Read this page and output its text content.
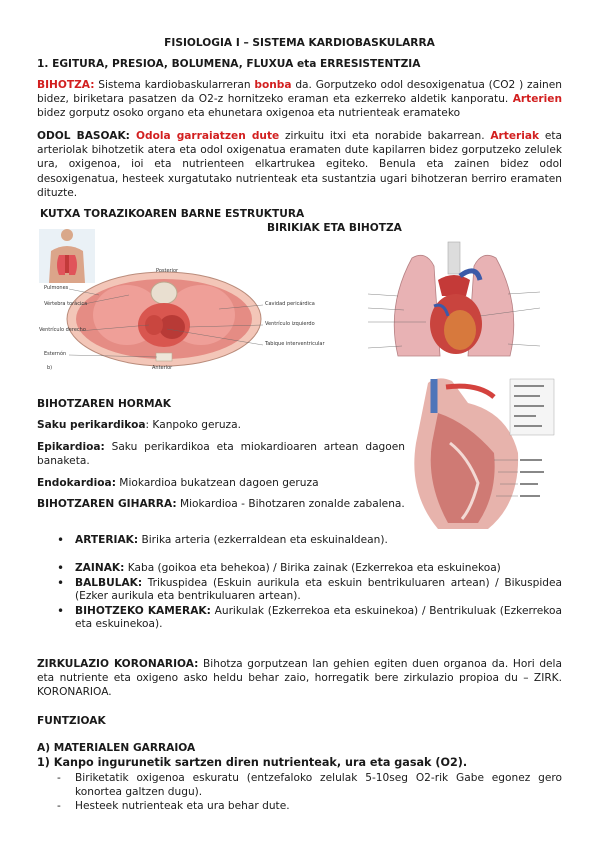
FISIOLOGIA I – SISTEMA KARDIOBASKULARRA
1. EGITURA, PRESIOA, BOLUMENA, FLUXUA eta ERRESISTENTZIA
BIHOTZA: Sistema kardiobaskularreran bonba da. Gorputzeko odol desoxigenatua (CO2 ) zainen bidez, biriketara pasatzen da O2-z hornitzeko eraman eta ezkerreko aldetik kanporatu. Arterien bidez gorputz osoko organo eta ehunetara oxigenoa eta nutrienteak eramateko
ODOL BASOAK: Odola garraiatzen dute zirkuitu itxi eta norabide bakarrean. Arteriak eta arteriolak bihotzetik atera eta odol oxigenatua eramaten dute kapilarren bidez gorputzeko zelulek ura, oxigenoa, ioi eta nutrienteen elkartrukea egiteko. Benula eta zainen bidez odol desoxigenatua, hesteek xurgatutako nutrienteak eta sustantzia ugari bihotzeran berriro eramaten dituzte.
KUTXA TORAZIKOAREN BARNE ESTRUKTURA
BIRIKIAK ETA BIHOTZA
Posterior
Anterior
b)
Pulmones
Vértebra torácica
Ventrículo derecho
Esternón
Cavidad pericárdica
Ventrículo izquierdo
Tabique interventricular
BIHOTZAREN HORMAK
Saku perikardikoa: Kanpoko geruza.
Epikardioa: Saku perikardikoa eta miokardioaren artean dagoen banaketa.
Endokardioa: Miokardioa bukatzean dagoen geruza
BIHOTZAREN GIHARRA: Miokardioa - Bihotzaren zonalde zabalena.
• ARTERIAK: Birika arteria (ezkerraldean eta eskuinaldean).
• ZAINAK: Kaba (goikoa eta behekoa) / Birika zainak (Ezkerrekoa eta eskuinekoa)
• BALBULAK: Trikuspidea (Eskuin aurikula eta eskuin bentrikuluaren artean) / Bikuspidea (Ezker aurikula eta bentrikuluaren artean).
• BIHOTZEKO KAMERAK: Aurikulak (Ezkerrekoa eta eskuinekoa) / Bentrikuluak (Ezkerrekoa eta eskuinekoa).
ZIRKULAZIO KORONARIOA: Bihotza gorputzean lan gehien egiten duen organoa da. Hori dela eta nutriente eta oxigeno asko heldu behar zaio, horregatik bere zirkulazio propioa du – ZIRK. KORONARIOA.
FUNTZIOAK
A) MATERIALEN GARRAIOA
1) Kanpo ingurunetik sartzen diren nutrienteak, ura eta gasak (O2).
- Biriketatik oxigenoa eskuratu (entzefaloko zelulak 5-10seg O2-rik Gabe egonez gero konortea galtzen dugu).
- Hesteek nutrienteak eta ura behar dute.
